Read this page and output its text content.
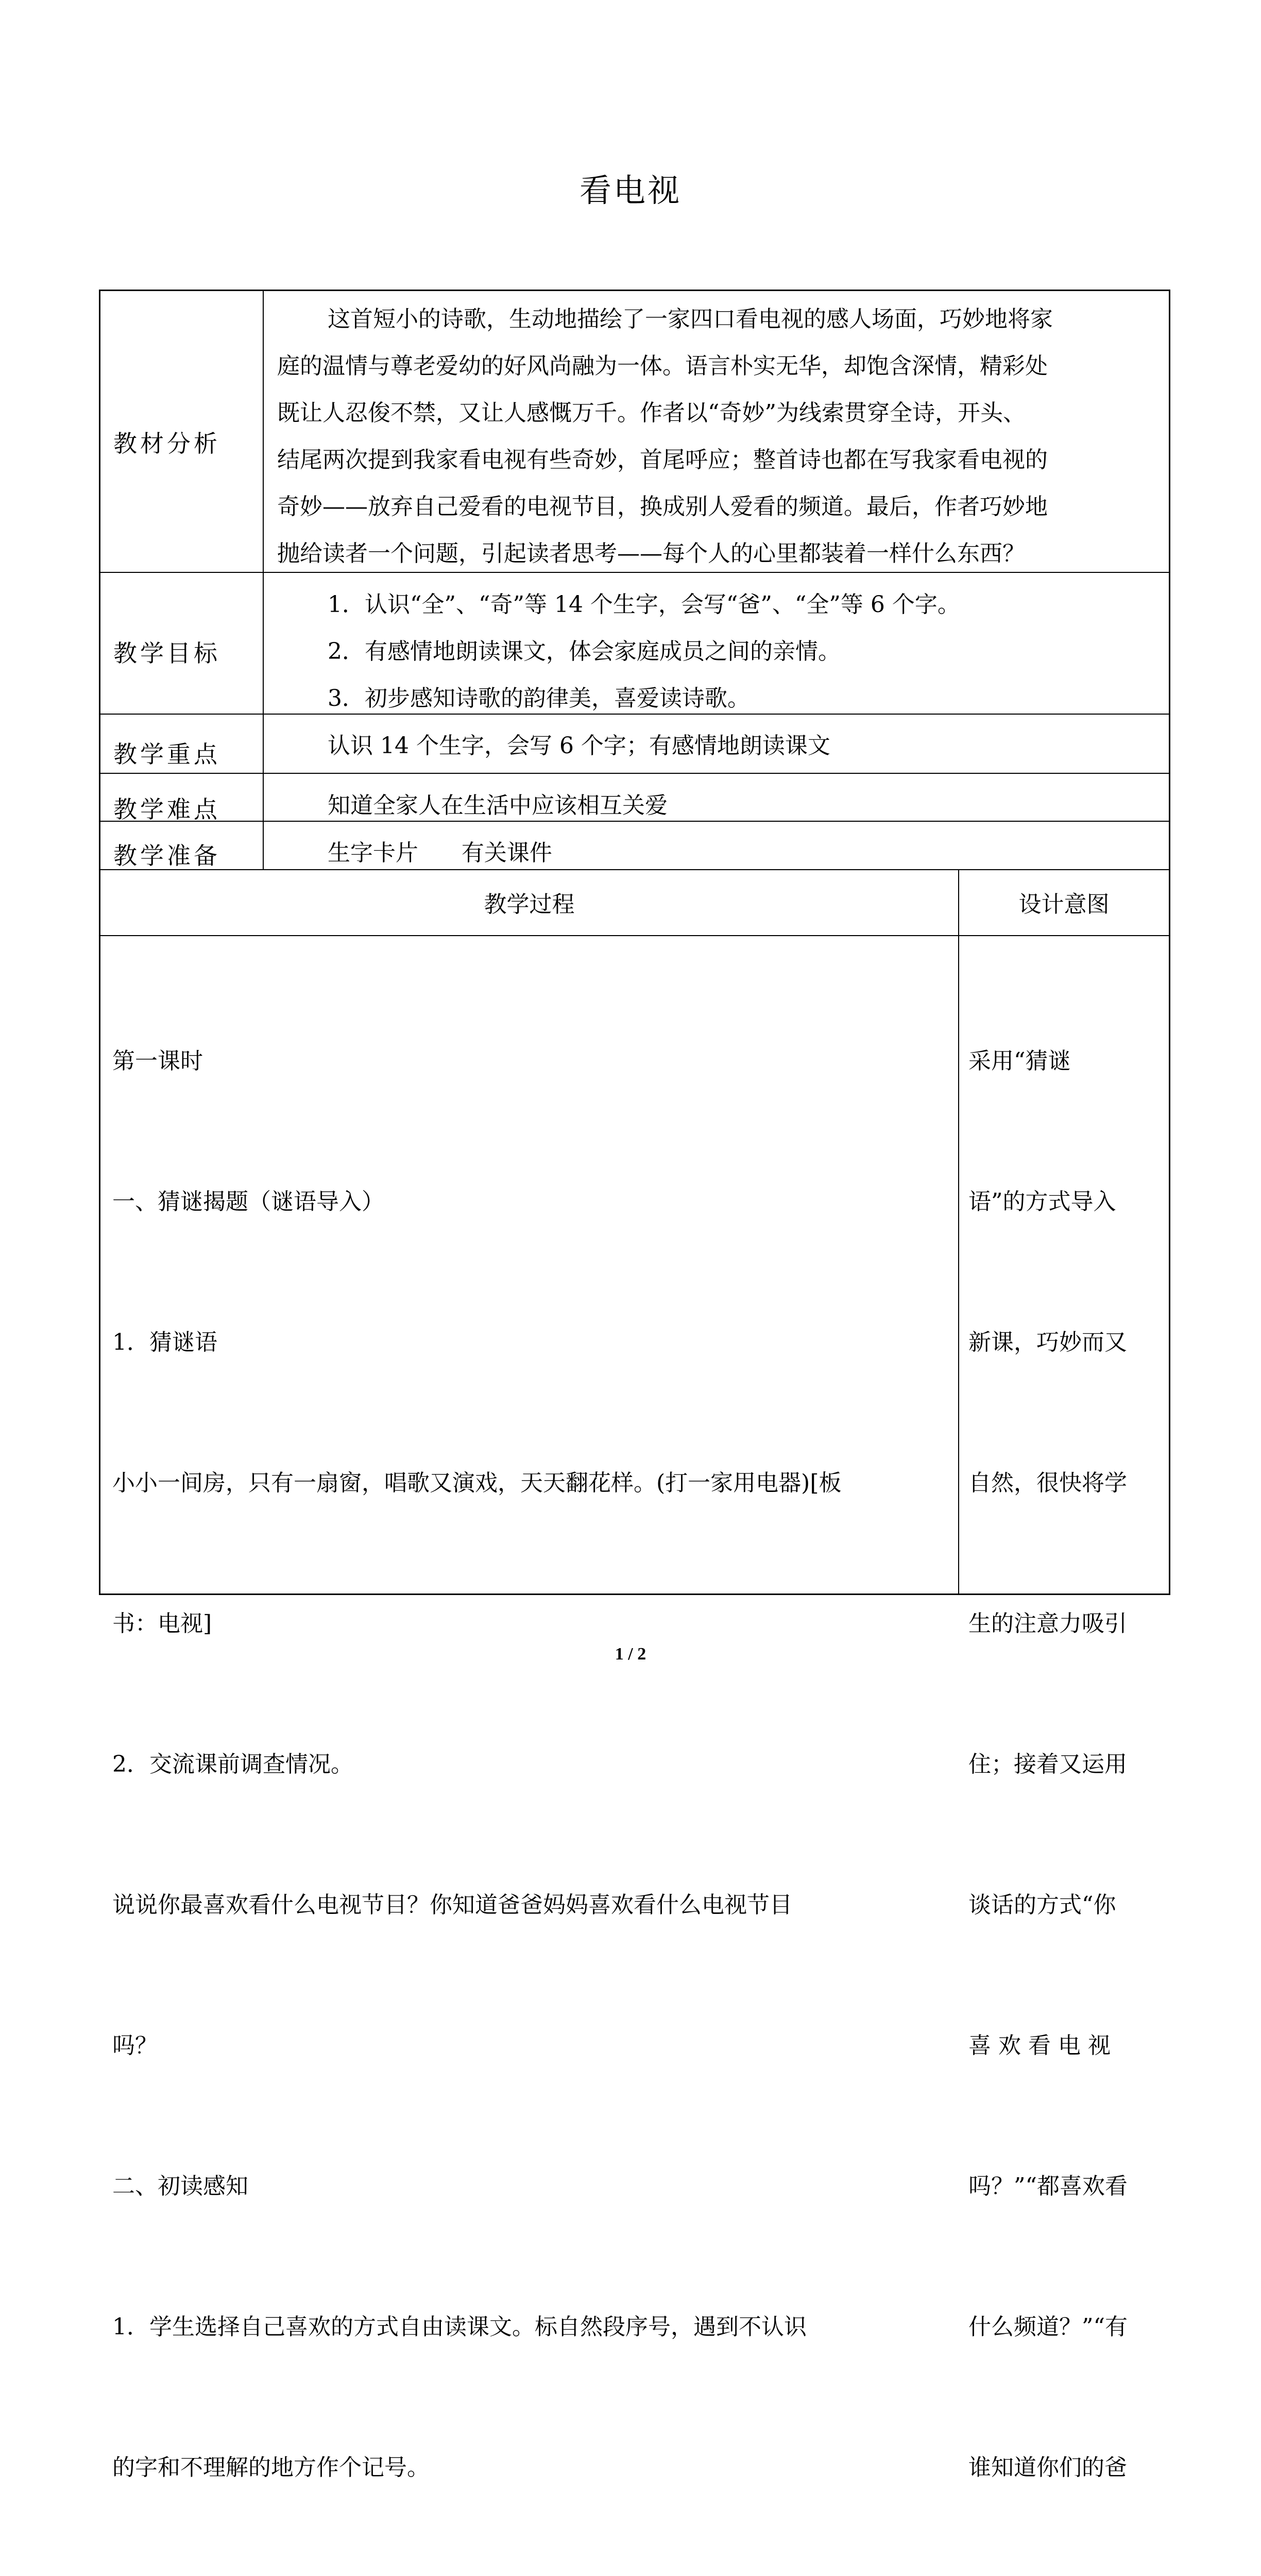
看电视
教材分析
教学目标
教学重点
教学难点
教学准备
这首短小的诗歌，生动地描绘了一家四口看电视的感人场面，巧妙地将家
庭的温情与尊老爱幼的好风尚融为一体。语言朴实无华，却饱含深情，精彩处
既让人忍俊不禁，又让人感慨万千。作者以“奇妙”为线索贯穿全诗，开头、
结尾两次提到我家看电视有些奇妙，首尾呼应；整首诗也都在写我家看电视的
奇妙——放弃自己爱看的电视节目，换成别人爱看的频道。最后，作者巧妙地
抛给读者一个问题，引起读者思考——每个人的心里都装着一样什么东西？
1．认识“全”、“奇”等 14 个生字，会写“爸”、“全”等 6 个字。
2．有感情地朗读课文，体会家庭成员之间的亲情。
3．初步感知诗歌的韵律美，喜爱读诗歌。
认识 14 个生字，会写 6 个字；有感情地朗读课文
知道全家人在生活中应该相互关爱
生字卡片      有关课件
教学过程	设计意图

第一课时

一、猜谜揭题（谜语导入）

1．猜谜语

小小一间房，只有一扇窗，唱歌又演戏，天天翻花样。(打一家用电器)[板

书：电视]

2．交流课前调查情况。

说说你最喜欢看什么电视节目？你知道爸爸妈妈喜欢看什么电视节目

吗？

二、初读感知

1．学生选择自己喜欢的方式自由读课文。标自然段序号，遇到不认识

的字和不理解的地方作个记号。

采用“猜谜

语”的方式导入

新课，巧妙而又

自然，很快将学

生的注意力吸引

住；接着又运用

谈话的方式“你

喜 欢 看 电 视

吗？”“都喜欢看

什么频道？”“有

谁知道你们的爸

1 / 2
